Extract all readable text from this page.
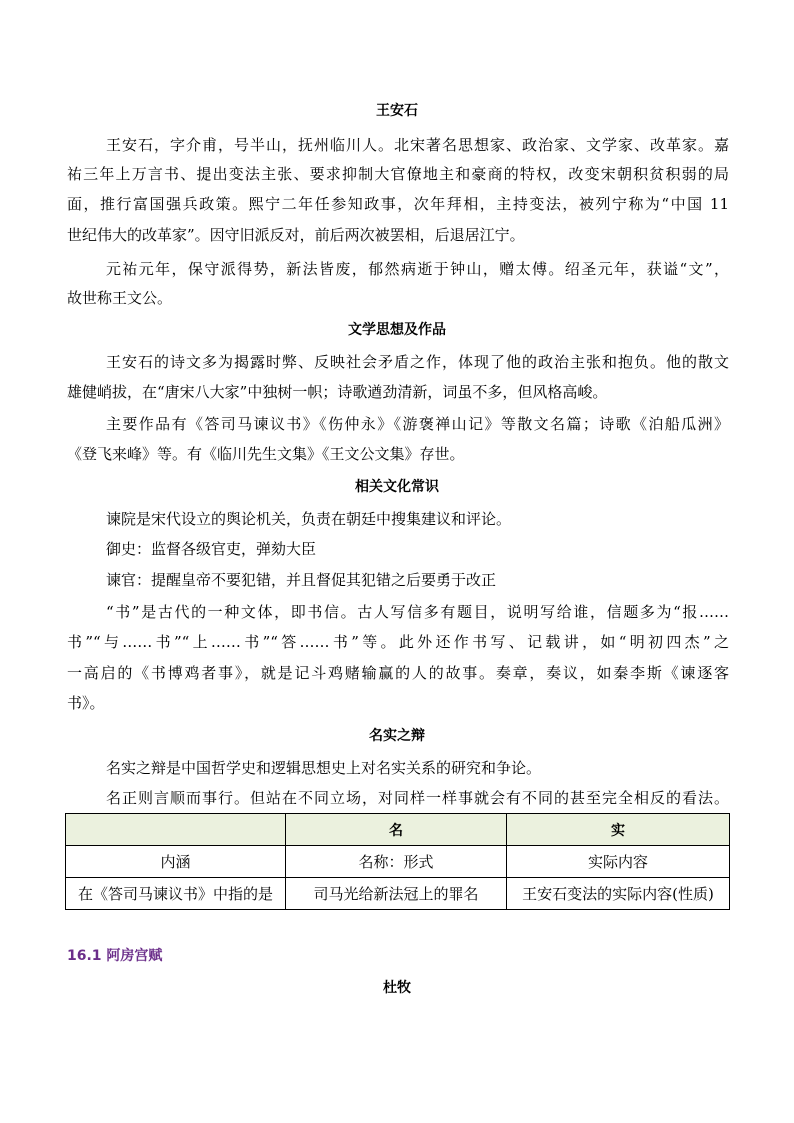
王安石
王安石，字介甫，号半山，抚州临川人。北宋著名思想家、政治家、文学家、改革家。嘉
祐三年上万言书、提出变法主张、要求抑制大官僚地主和豪商的特权，改变宋朝积贫积弱的局
面，推行富国强兵政策。熙宁二年任参知政事，次年拜相，主持变法，被列宁称为“中国 11
世纪伟大的改革家”。因守旧派反对，前后两次被罢相，后退居江宁。
元祐元年，保守派得势，新法皆废，郁然病逝于钟山，赠太傅。绍圣元年，获谥“文”，
故世称王文公。
文学思想及作品
王安石的诗文多为揭露时弊、反映社会矛盾之作，体现了他的政治主张和抱负。他的散文
雄健峭拔，在“唐宋八大家”中独树一帜；诗歌遒劲清新，词虽不多，但风格高峻。
主要作品有《答司马谏议书》《伤仲永》《游褒禅山记》等散文名篇；诗歌《泊船瓜洲》
《登飞来峰》等。有《临川先生文集》《王文公文集》存世。
相关文化常识
谏院是宋代设立的舆论机关，负责在朝廷中搜集建议和评论。
御史：监督各级官吏，弹劾大臣
谏官：提醒皇帝不要犯错，并且督促其犯错之后要勇于改正
“书”是古代的一种文体，即书信。古人写信多有题目，说明写给谁，信题多为“报……
书”“与……书”“上……书”“答……书”等。此外还作书写、记载讲，如“明初四杰”之
一高启的《书博鸡者事》，就是记斗鸡赌输赢的人的故事。奏章，奏议，如秦李斯《谏逐客
书》。
名实之辩
名实之辩是中国哲学史和逻辑思想史上对名实关系的研究和争论。
名正则言顺而事行。但站在不同立场，对同样一样事就会有不同的甚至完全相反的看法。
	名	实
内涵	名称：形式	实际内容
在《答司马谏议书》中指的是	司马光给新法冠上的罪名	王安石变法的实际内容(性质)
16.1 阿房宫赋
杜牧
